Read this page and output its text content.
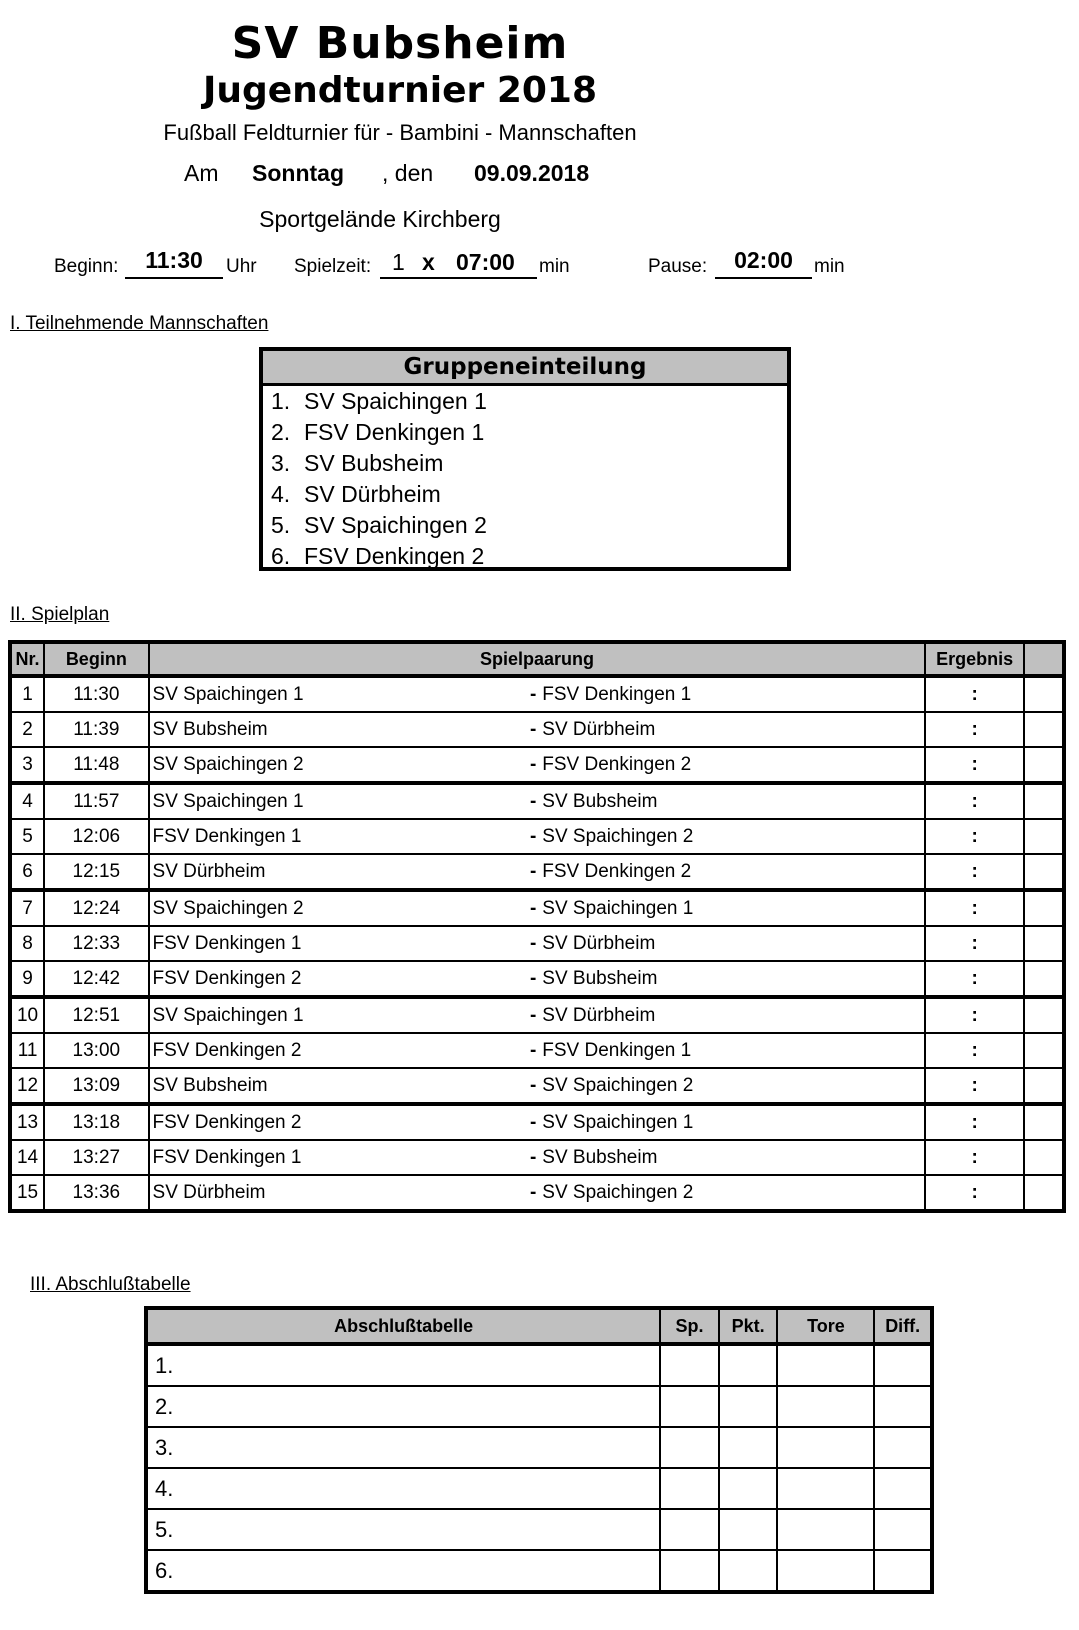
SV Bubsheim
Jugendturnier 2018
Fußball Feldturnier für - Bambini - Mannschaften
Am Sonntag , den 09.09.2018
Sportgelände Kirchberg
Beginn:	11:30	Uhr Spielzeit: 1 x 07:00 min	Pause:	02:00	min
I. Teilnehmende Mannschaften
Gruppeneinteilung
1. SV Spaichingen 1
2. FSV Denkingen 1
3. SV Bubsheim
4. SV Dürbheim
5. SV Spaichingen 2
6. FSV Denkingen 2
II. Spielplan
Nr.	Beginn	Spielpaarung		Ergebnis	
1	11:30	SV Spaichingen 1	- FSV Denkingen 1	:	
2	11:39	SV Bubsheim	- SV Dürbheim	:	
3	11:48	SV Spaichingen 2	- FSV Denkingen 2	:	
4	11:57	SV Spaichingen 1	- SV Bubsheim	:	
5	12:06	FSV Denkingen 1	- SV Spaichingen 2	:	
6	12:15	SV Dürbheim	- FSV Denkingen 2	:	
7	12:24	SV Spaichingen 2	- SV Spaichingen 1	:	
8	12:33	FSV Denkingen 1	- SV Dürbheim	:	
9	12:42	FSV Denkingen 2	- SV Bubsheim	:	
10	12:51	SV Spaichingen 1	- SV Dürbheim	:	
11	13:00	FSV Denkingen 2	- FSV Denkingen 1	:	
12	13:09	SV Bubsheim	- SV Spaichingen 2	:	
13	13:18	FSV Denkingen 2	- SV Spaichingen 1	:	
14	13:27	FSV Denkingen 1	- SV Bubsheim	:	
15	13:36	SV Dürbheim	- SV Spaichingen 2	:	
III. Abschlußtabelle
Abschlußtabelle	Sp.	Pkt.	Tore	Diff.
1.				
2.				
3.				
4.				
5.				
6.				
